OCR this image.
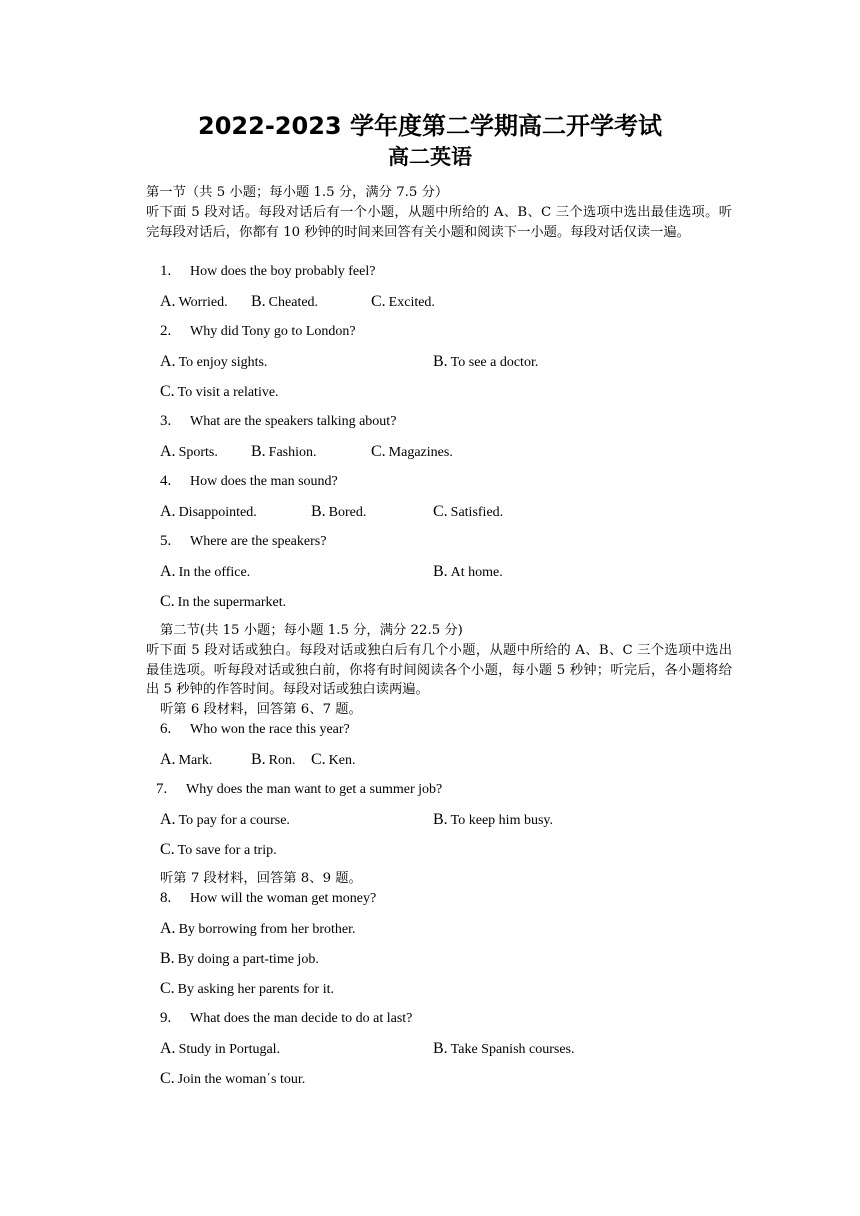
2022-2023 学年度第二学期高二开学考试
高二英语
第一节（共 5 小题；每小题 1.5 分，满分 7.5 分）
听下面 5 段对话。每段对话后有一个小题，从题中所给的 A、B、C 三个选项中选出最佳选项。听完每段对话后，你都有 10 秒钟的时间来回答有关小题和阅读下一小题。每段对话仅读一遍。
1. How does the boy probably feel?
A. Worried. B. Cheated.	C. Excited.
2. Why did Tony go to London?
A. To enjoy sights.	B. To see a doctor.
C. To visit a relative.
3. What are the speakers talking about?
A. Sports. B. Fashion.	C. Magazines.
4. How does the man sound?
A. Disappointed.	B. Bored.	C. Satisfied.
5. Where are the speakers?
A. In the office.	B. At home.
C. In the supermarket.
第二节(共 15 小题；每小题 1.5 分，满分 22.5 分)
听下面 5 段对话或独白。每段对话或独白后有几个小题，从题中所给的 A、B、C 三个选项中选出最佳选项。听每段对话或独白前，你将有时间阅读各个小题，每小题 5 秒钟；听完后，各小题将给出 5 秒钟的作答时间。每段对话或独白读两遍。
听第 6 段材料，回答第 6、7 题。
6. Who won the race this year?
A. Mark. B. Ron. C. Ken.
7. Why does the man want to get a summer job?
A. To pay for a course.	B. To keep him busy.
C. To save for a trip.
听第 7 段材料，回答第 8、9 题。
8. How will the woman get money?
A. By borrowing from her brother.
B. By doing a part-time job.
C. By asking her parents for it.
9. What does the man decide to do at last?
A. Study in Portugal.	B. Take Spanish courses.
C. Join the woman΄s tour.
